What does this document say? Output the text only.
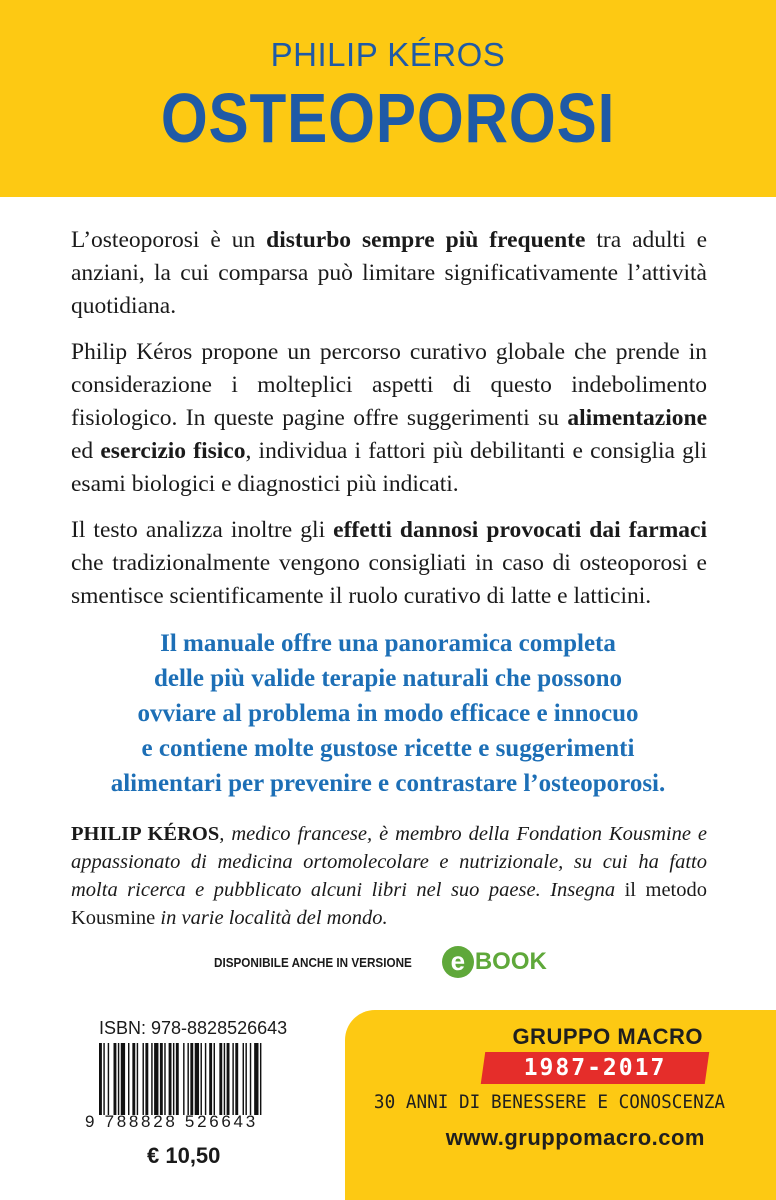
PHILIP KÉROS
OSTEOPOROSI

L’osteoporosi è un disturbo sempre più frequente tra adulti e anziani, la cui comparsa può limitare significativamente l’attività quotidiana.

Philip Kéros propone un percorso curativo globale che prende in considerazione i molteplici aspetti di questo indebolimento fisiologico. In queste pagine offre suggerimenti su alimentazione ed esercizio fisico, individua i fattori più debilitanti e consiglia gli esami biologici e diagnostici più indicati.

Il testo analizza inoltre gli effetti dannosi provocati dai farmaci che tradizionalmente vengono consigliati in caso di osteoporosi e smentisce scientificamente il ruolo curativo di latte e latticini.

Il manuale offre una panoramica completa
delle più valide terapie naturali che possono
ovviare al problema in modo efficace e innocuo
e contiene molte gustose ricette e suggerimenti
alimentari per prevenire e contrastare l’osteoporosi.
PHILIP KÉROS, medico francese, è membro della Fondation Kousmine e appassionato di medicina ortomolecolare e nutrizionale, su cui ha fatto molta ricerca e pubblicato alcuni libri nel suo paese. Insegna il metodo Kousmine in varie località del mondo.
DISPONIBILE ANCHE IN VERSIONE	e BOOK
ISBN: 978-8828526643
9 788828 526643
€ 10,50
GRUPPO MACRO
1987-2017
30 ANNI DI BENESSERE E CONOSCENZA
www.gruppomacro.com
